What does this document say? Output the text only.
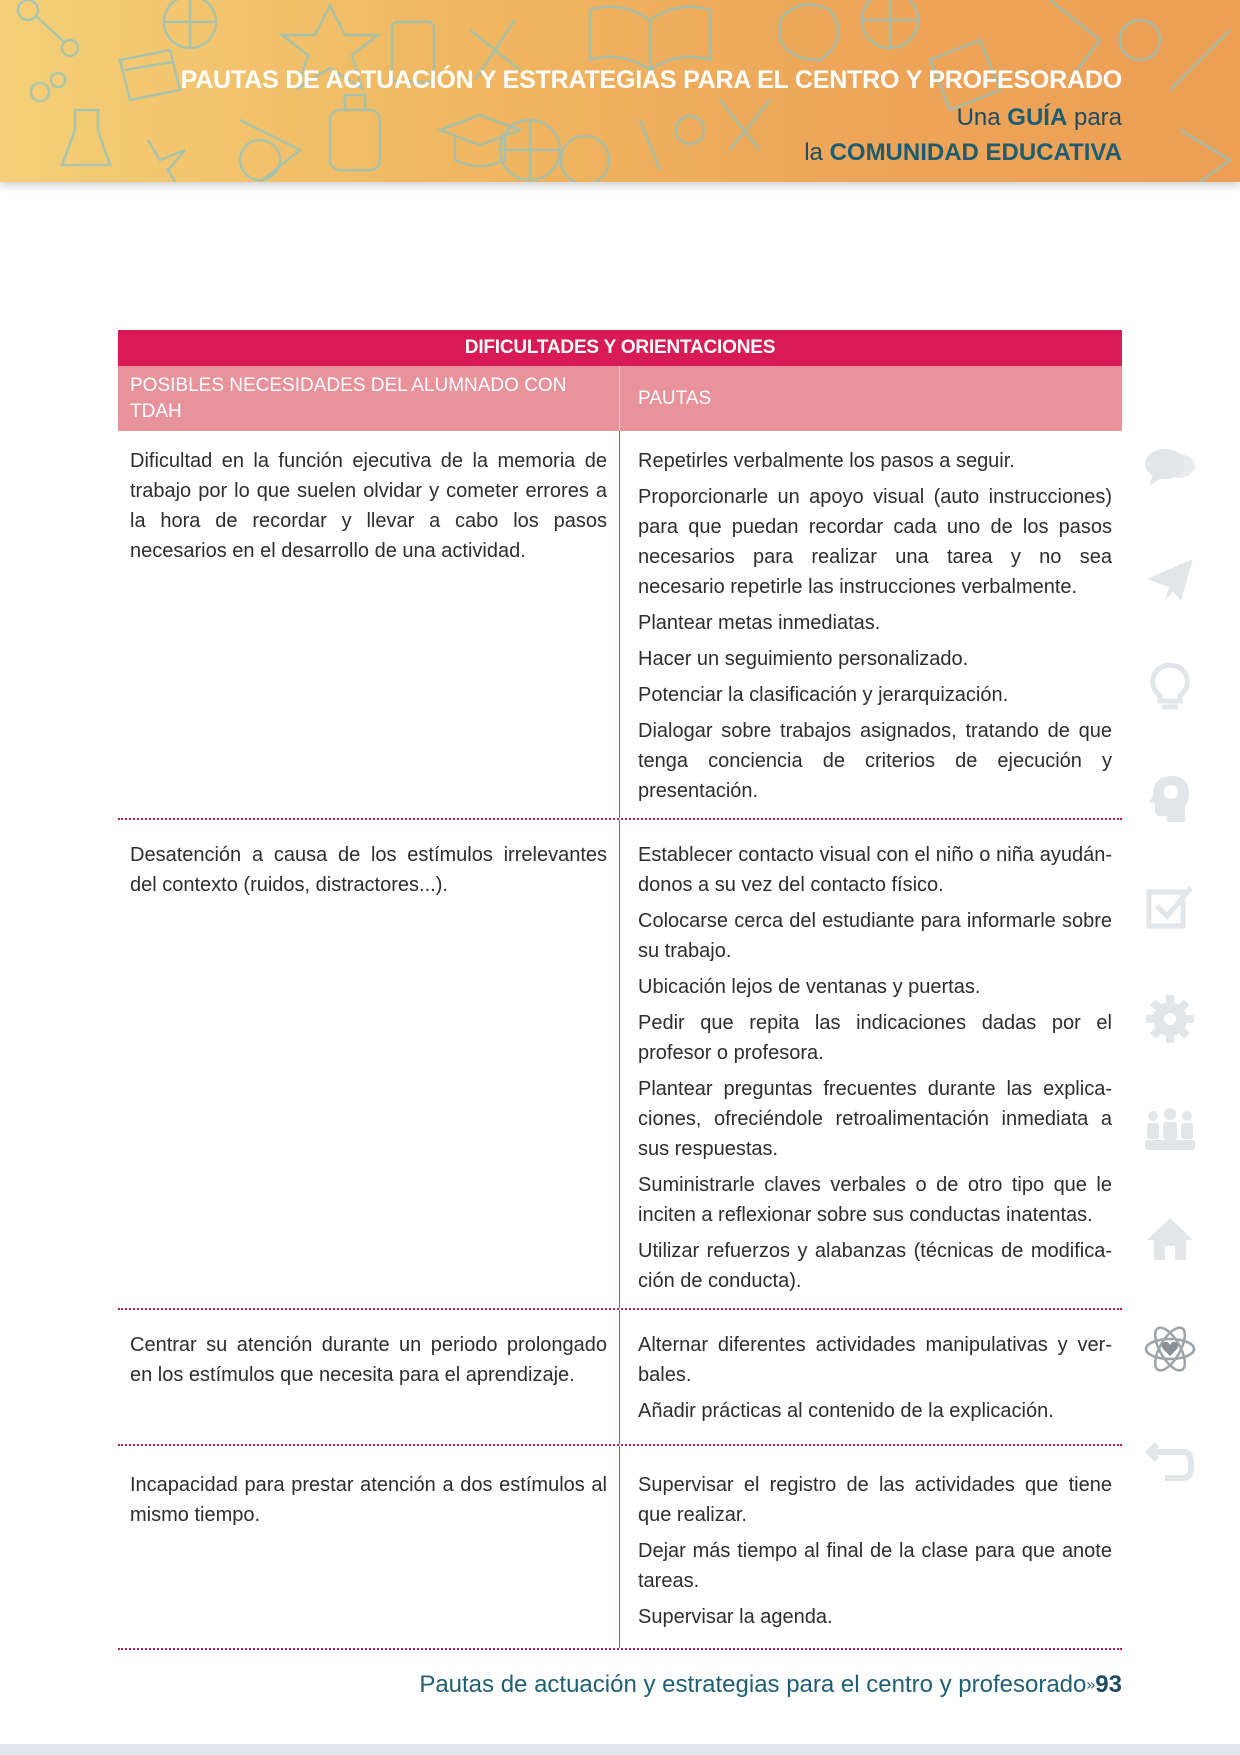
PAUTAS DE ACTUACIÓN Y ESTRATEGIAS PARA EL CENTRO Y PROFESORADO
Una GUÍA para
la COMUNIDAD EDUCATIVA
DIFICULTADES Y ORIENTACIONES
POSIBLES NECESIDADES DEL ALUMNADO CON TDAH
PAUTAS

Dificultad en la función ejecutiva de la memoria de trabajo por lo que suelen olvidar y cometer errores a la hora de recordar y llevar a cabo los pasos necesarios en el desarrollo de una actividad.

Repetirles verbalmente los pasos a seguir.

Proporcionarle un apoyo visual (auto instrucciones) para que puedan recordar cada uno de los pasos necesarios para realizar una tarea y no sea necesario repetirle las instrucciones verbalmente.

Plantear metas inmediatas.

Hacer un seguimiento personalizado.

Potenciar la clasificación y jerarquización.

Dialogar sobre trabajos asignados, tratando de que tenga conciencia de criterios de ejecución y presentación.

Desatención a causa de los estímulos irrelevantes del contexto (ruidos, distractores...).

Establecer contacto visual con el niño o niña ayudándonos a su vez del contacto físico.

Colocarse cerca del estudiante para informarle sobre su trabajo.

Ubicación lejos de ventanas y puertas.

Pedir que repita las indicaciones dadas por el profesor o profesora.

Plantear preguntas frecuentes durante las explicaciones, ofreciéndole retroalimentación inmediata a sus respuestas.

Suministrarle claves verbales o de otro tipo que le inciten a reflexionar sobre sus conductas inatentas.

Utilizar refuerzos y alabanzas (técnicas de modificación de conducta).

Centrar su atención durante un periodo prolongado en los estímulos que necesita para el aprendizaje.

Alternar diferentes actividades manipulativas y verbales.

Añadir prácticas al contenido de la explicación.

Incapacidad para prestar atención a dos estímulos al mismo tiempo.

Supervisar el registro de las actividades que tiene que realizar.

Dejar más tiempo al final de la clase para que anote tareas.

Supervisar la agenda.

Pautas de actuación y estrategias para el centro y profesorado»93
